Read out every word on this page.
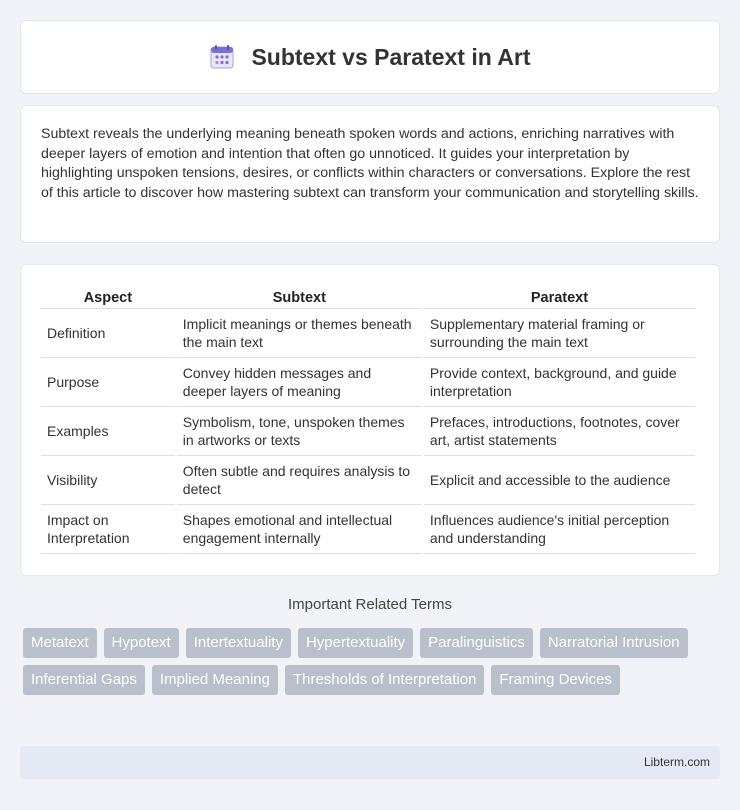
Subtext vs Paratext in Art

Subtext reveals the underlying meaning beneath spoken words and actions, enriching narratives with deeper layers of emotion and intention that often go unnoticed. It guides your interpretation by highlighting unspoken tensions, desires, or conflicts within characters or conversations. Explore the rest of this article to discover how mastering subtext can transform your communication and storytelling skills.

Aspect	Subtext	Paratext
Definition	Implicit meanings or themes beneath the main text	Supplementary material framing or surrounding the main text
Purpose	Convey hidden messages and deeper layers of meaning	Provide context, background, and guide interpretation
Examples	Symbolism, tone, unspoken themes in artworks or texts	Prefaces, introductions, footnotes, cover art, artist statements
Visibility	Often subtle and requires analysis to detect	Explicit and accessible to the audience
Impact on Interpretation	Shapes emotional and intellectual engagement internally	Influences audience's initial perception and understanding
Important Related Terms
Metatext	Hypotext	Intertextuality	Hypertextuality	Paralinguistics	Narratorial Intrusion
Inferential Gaps	Implied Meaning	Thresholds of Interpretation	Framing Devices
Libterm.com
